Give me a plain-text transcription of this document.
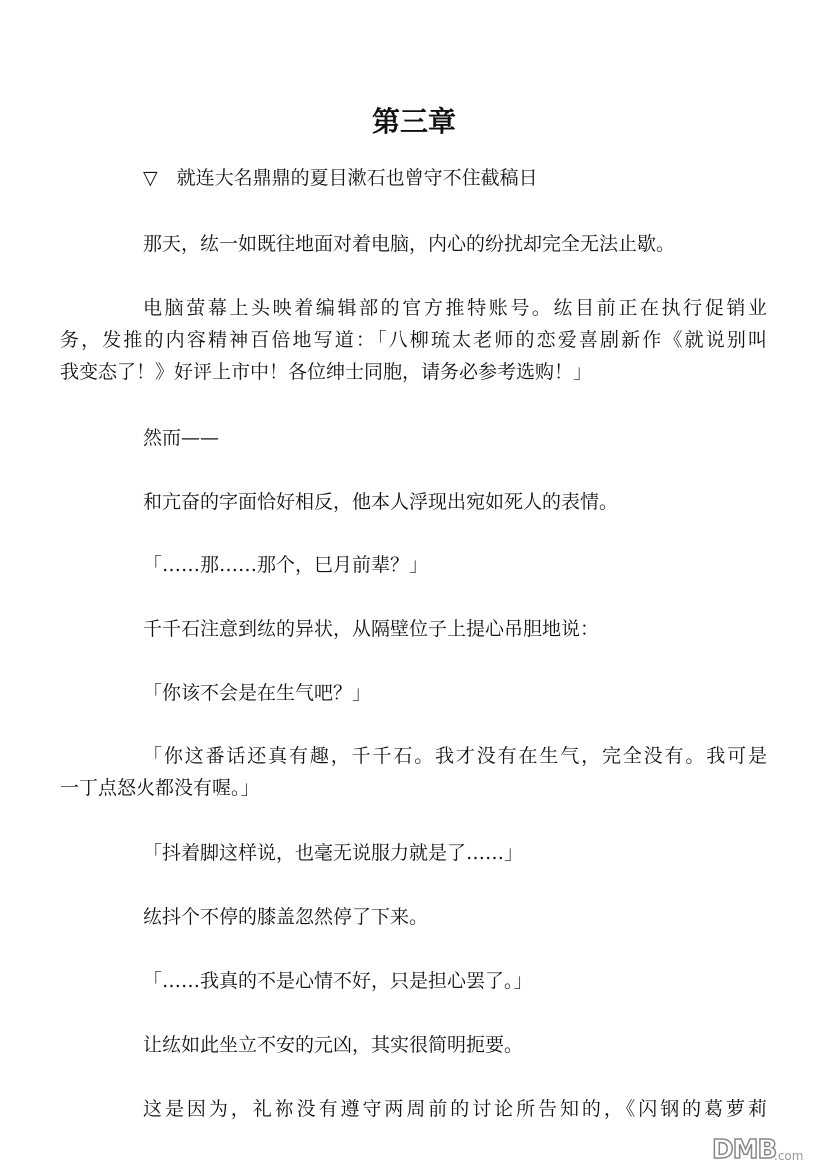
第三章
▽　就连大名鼎鼎的夏目漱石也曾守不住截稿日
那天，纮一如既往地面对着电脑，内心的纷扰却完全无法止歇。
电脑萤幕上头映着编辑部的官方推特账号。纮目前正在执行促销业
务，发推的内容精神百倍地写道：「八柳琉太老师的恋爱喜剧新作《就说别叫
我变态了！》好评上市中！各位绅士同胞，请务必参考选购！」
然而——
和亢奋的字面恰好相反，他本人浮现出宛如死人的表情。
「……那……那个，巳月前辈？」
千千石注意到纮的异状，从隔壁位子上提心吊胆地说：
「你该不会是在生气吧？」
「你这番话还真有趣，千千石。我才没有在生气，完全没有。我可是
一丁点怒火都没有喔。」
「抖着脚这样说，也毫无说服力就是了……」
纮抖个不停的膝盖忽然停了下来。
「……我真的不是心情不好，只是担心罢了。」
让纮如此坐立不安的元凶，其实很简明扼要。
这是因为，礼祢没有遵守两周前的讨论所告知的，《闪钢的葛萝莉
DMB
.com
